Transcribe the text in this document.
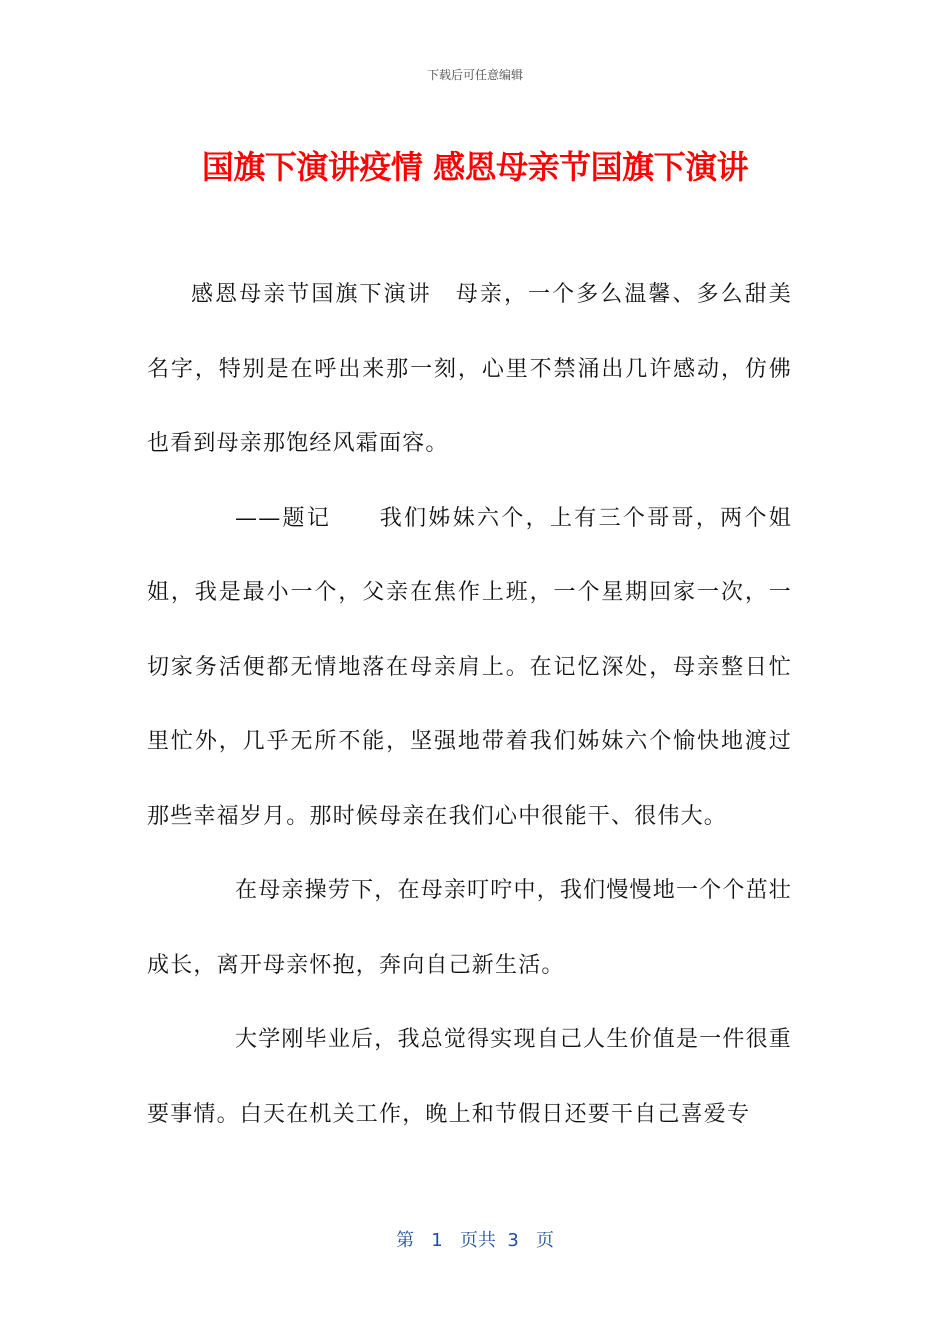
下载后可任意编辑
国旗下演讲疫情 感恩母亲节国旗下演讲

感恩母亲节国旗下演讲　母亲，一个多么温馨、多么甜美名字，特别是在呼出来那一刻，心里不禁涌出几许感动，仿佛也看到母亲那饱经风霜面容。

——题记　　我们姊妹六个，上有三个哥哥，两个姐姐，我是最小一个，父亲在焦作上班，一个星期回家一次，一切家务活便都无情地落在母亲肩上。在记忆深处，母亲整日忙里忙外，几乎无所不能，坚强地带着我们姊妹六个愉快地渡过那些幸福岁月。那时候母亲在我们心中很能干、很伟大。

在母亲操劳下，在母亲叮咛中，我们慢慢地一个个茁壮成长，离开母亲怀抱，奔向自己新生活。

大学刚毕业后，我总觉得实现自己人生价值是一件很重要事情。白天在机关工作，晚上和节假日还要干自己喜爱专

第 1 页共 3 页
